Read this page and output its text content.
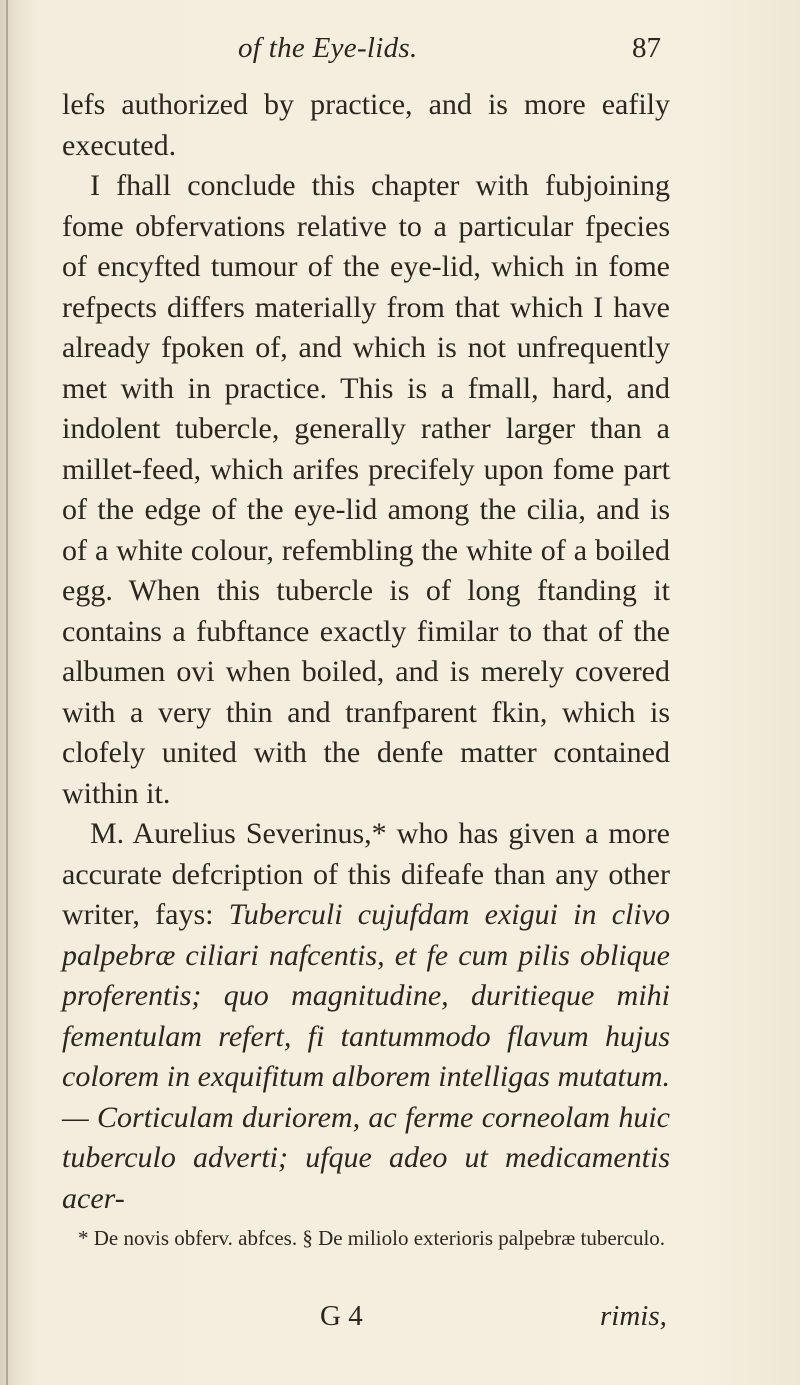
of the Eye-lids.	87

lefs authorized by practice, and is more eafily executed.

I fhall conclude this chapter with fubjoining fome obfervations relative to a particular fpecies of encyfted tumour of the eye-lid, which in fome refpects differs materially from that which I have already fpoken of, and which is not unfrequently met with in practice. This is a fmall, hard, and indolent tubercle, generally rather larger than a millet-feed, which arifes precifely upon fome part of the edge of the eye-lid among the cilia, and is of a white colour, refembling the white of a boiled egg. When this tubercle is of long ftanding it contains a fubftance exactly fimilar to that of the albumen ovi when boiled, and is merely covered with a very thin and tranfparent fkin, which is clofely united with the denfe matter contained within it.

M. Aurelius Severinus,* who has given a more accurate defcription of this difeafe than any other writer, fays: Tuberculi cujufdam exigui in clivo palpebræ ciliari nafcentis, et fe cum pilis oblique proferentis; quo magnitudine, duritieque mihi fementulam refert, fi tantummodo flavum hujus colorem in exquifitum alborem intelligas mutatum.— Corticulam duriorem, ac ferme corneolam huic tuberculo adverti; ufque adeo ut medicamentis acer-

* De novis obferv. abfces. § De miliolo exterioris palpebræ tuberculo.
G 4	rimis,
